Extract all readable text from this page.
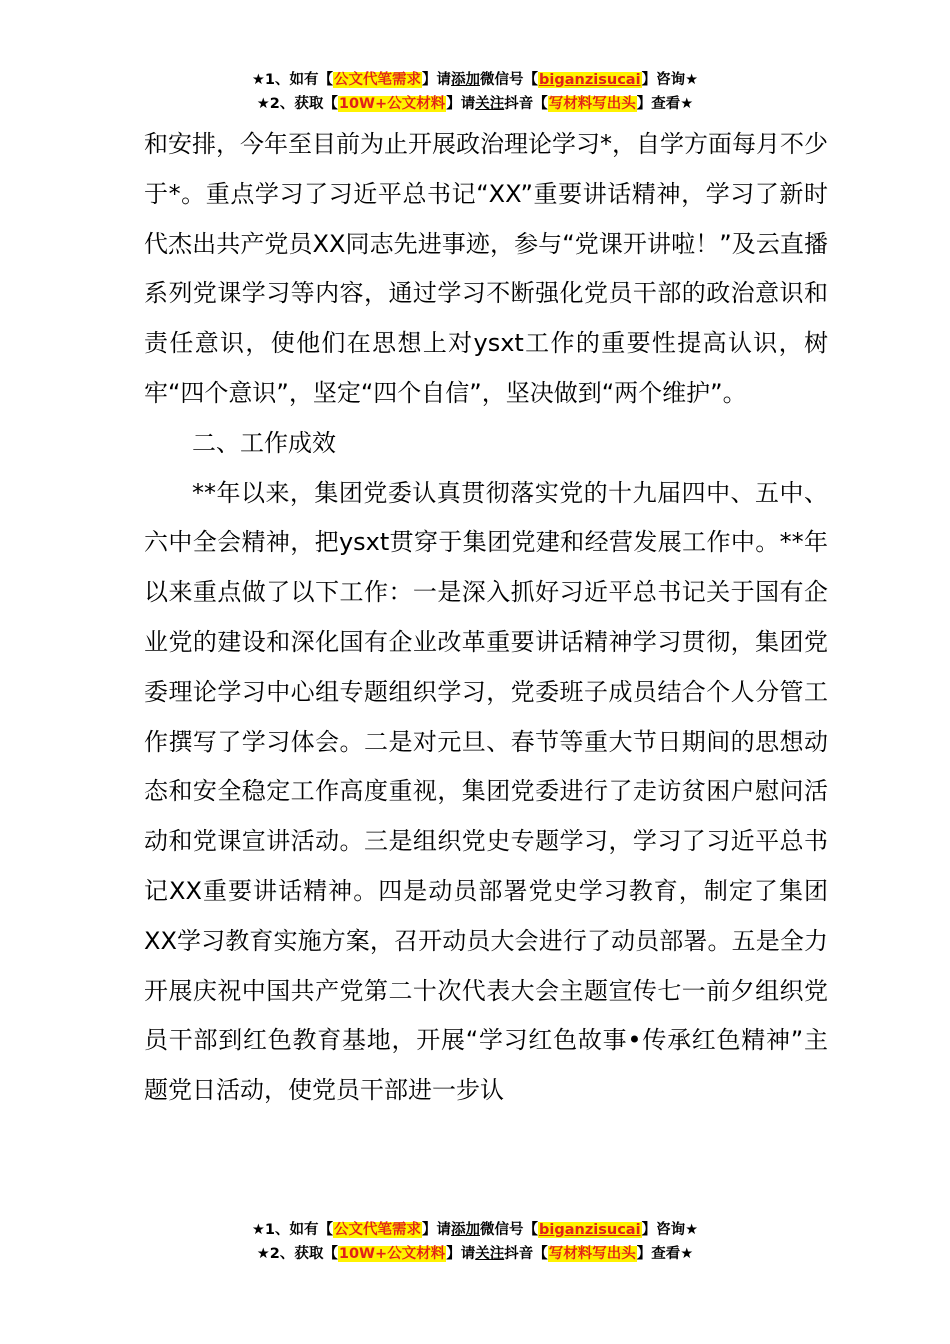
★1、如有【公文代笔需求】请添加微信号【biganzisucai】咨询★
★2、获取【10W+公文材料】请关注抖音【写材料写出头】查看★

和安排，今年至目前为止开展政治理论学习*，自学方面每月不少于*。重点学习了习近平总书记“XX”重要讲话精神，学习了新时代杰出共产党员XX同志先进事迹，参与“党课开讲啦！”及云直播系列党课学习等内容，通过学习不断强化党员干部的政治意识和责任意识，使他们在思想上对ysxt工作的重要性提高认识，树牢“四个意识”，坚定“四个自信”，坚决做到“两个维护”。

二、工作成效

**年以来，集团党委认真贯彻落实党的十九届四中、五中、六中全会精神，把ysxt贯穿于集团党建和经营发展工作中。**年以来重点做了以下工作：一是深入抓好习近平总书记关于国有企业党的建设和深化国有企业改革重要讲话精神学习贯彻，集团党委理论学习中心组专题组织学习，党委班子成员结合个人分管工作撰写了学习体会。二是对元旦、春节等重大节日期间的思想动态和安全稳定工作高度重视，集团党委进行了走访贫困户慰问活动和党课宣讲活动。三是组织党史专题学习，学习了习近平总书记XX重要讲话精神。四是动员部署党史学习教育，制定了集团XX学习教育实施方案，召开动员大会进行了动员部署。五是全力开展庆祝中国共产党第二十次代表大会主题宣传七一前夕组织党员干部到红色教育基地，开展“学习红色故事•传承红色精神”主题党日活动，使党员干部进一步认

★1、如有【公文代笔需求】请添加微信号【biganzisucai】咨询★
★2、获取【10W+公文材料】请关注抖音【写材料写出头】查看★
